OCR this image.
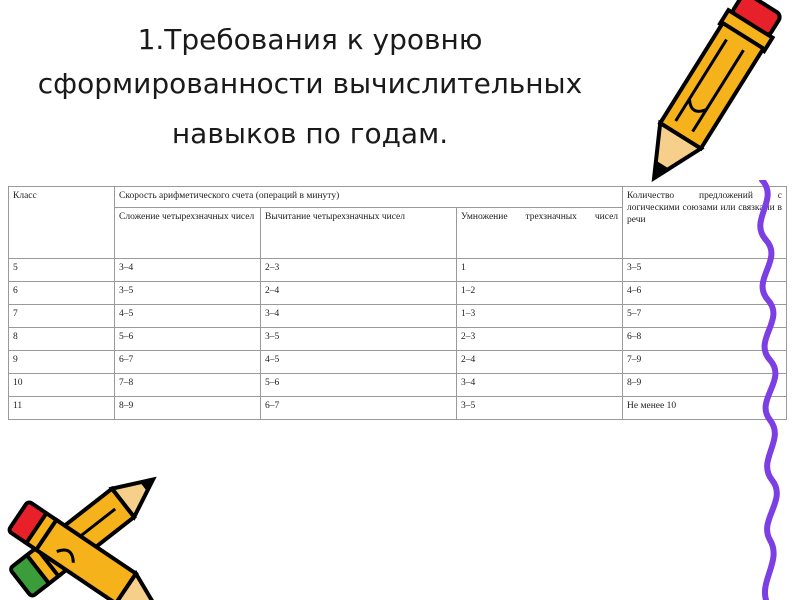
1.Требования к уровню
сформированности вычислительных
навыков по годам.
Класс	Скорость арифметического счета (операций в минуту)			Количество предложений с логическими союзами или связками в речи
	Сложение четырехзначных чисел	Вычитание четырехзначных чисел	Умножение трехзначных чисел	
5	3–4	2–3	1	3–5
6	3–5	2–4	1–2	4–6
7	4–5	3–4	1–3	5–7
8	5–6	3–5	2–3	6–8
9	6–7	4–5	2–4	7–9
10	7–8	5–6	3–4	8–9
11	8–9	6–7	3–5	Не менее 10
